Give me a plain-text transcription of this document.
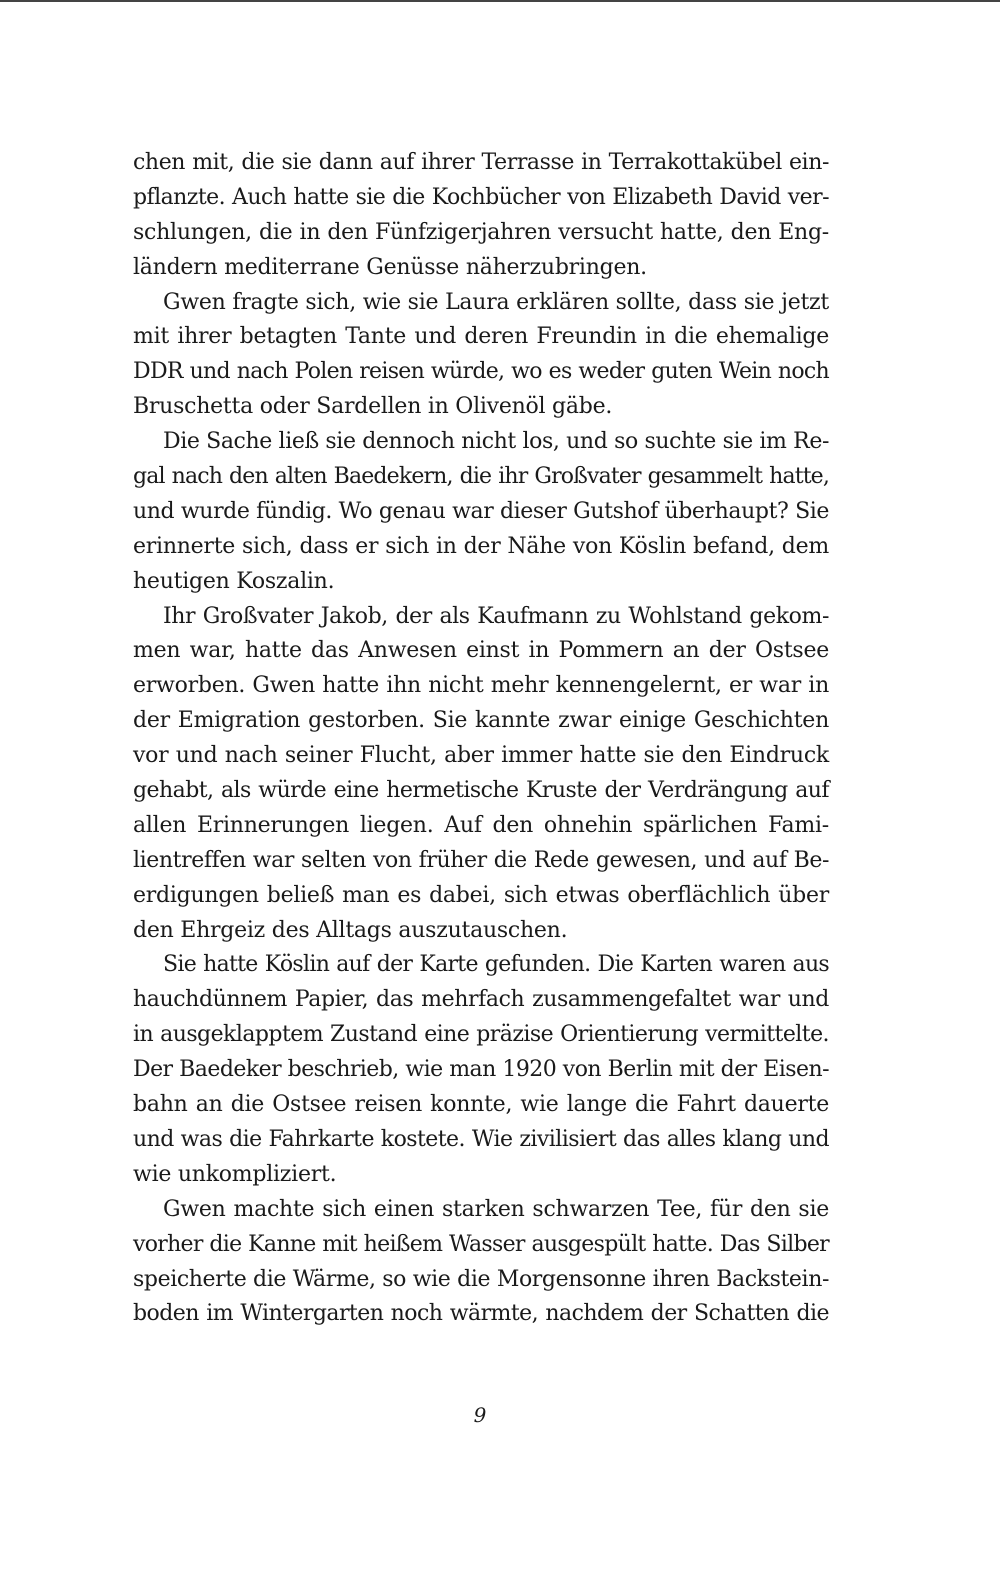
chen mit, die sie dann auf ihrer Terrasse in Terrakottakübel ein-
pflanzte. Auch hatte sie die Kochbücher von Elizabeth David ver-
schlungen, die in den Fünfzigerjahren versucht hatte, den Eng-
ländern mediterrane Genüsse näherzubringen.
Gwen fragte sich, wie sie Laura erklären sollte, dass sie jetzt
mit ihrer betagten Tante und deren Freundin in die ehemalige
DDR und nach Polen reisen würde, wo es weder guten Wein noch
Bruschetta oder Sardellen in Olivenöl gäbe.
Die Sache ließ sie dennoch nicht los, und so suchte sie im Re-
gal nach den alten Baedekern, die ihr Großvater gesammelt hatte,
und wurde fündig. Wo genau war dieser Gutshof überhaupt? Sie
erinnerte sich, dass er sich in der Nähe von Köslin befand, dem
heutigen Koszalin.
Ihr Großvater Jakob, der als Kaufmann zu Wohlstand gekom-
men war, hatte das Anwesen einst in Pommern an der Ostsee
erworben. Gwen hatte ihn nicht mehr kennengelernt, er war in
der Emigration gestorben. Sie kannte zwar einige Geschichten
vor und nach seiner Flucht, aber immer hatte sie den Eindruck
gehabt, als würde eine hermetische Kruste der Verdrängung auf
allen Erinnerungen liegen. Auf den ohnehin spärlichen Fami-
lientreffen war selten von früher die Rede gewesen, und auf Be-
erdigungen beließ man es dabei, sich etwas oberflächlich über
den Ehrgeiz des Alltags auszutauschen.
Sie hatte Köslin auf der Karte gefunden. Die Karten waren aus
hauchdünnem Papier, das mehrfach zusammengefaltet war und
in ausgeklapptem Zustand eine präzise Orientierung vermittelte.
Der Baedeker beschrieb, wie man 1920 von Berlin mit der Eisen-
bahn an die Ostsee reisen konnte, wie lange die Fahrt dauerte
und was die Fahrkarte kostete. Wie zivilisiert das alles klang und
wie unkompliziert.
Gwen machte sich einen starken schwarzen Tee, für den sie
vorher die Kanne mit heißem Wasser ausgespült hatte. Das Silber
speicherte die Wärme, so wie die Morgensonne ihren Backstein-
boden im Wintergarten noch wärmte, nachdem der Schatten die
9
